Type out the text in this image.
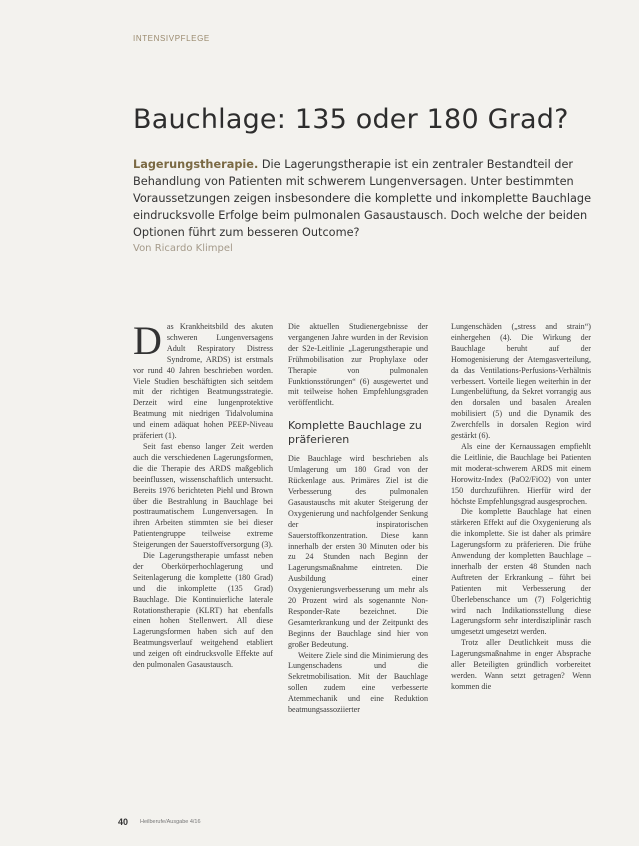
INTENSIVPFLEGE
Bauchlage: 135 oder 180 Grad?

Lagerungstherapie. Die Lagerungstherapie ist ein zentraler Bestandteil der Behandlung von Patienten mit schwerem Lungenversagen. Unter bestimmten Voraussetzungen zeigen insbesondere die komplette und inkomplette Bauchlage eindrucksvolle Erfolge beim pulmonalen Gasaustausch. Doch welche der beiden Optionen führt zum besseren Outcome?

Von Ricardo Klimpel

Das Krankheitsbild des akuten schweren Lungenversagens Adult Respiratory Distress Syndrome, ARDS) ist erstmals vor rund 40 Jahren beschrieben worden. Viele Studien beschäftigten sich seitdem mit der richtigen Beatmungsstrategie. Derzeit wird eine lungenprotektive Beatmung mit niedrigen Tidalvolumina und einem adäquat hohen PEEP-Niveau präferiert (1).

Seit fast ebenso langer Zeit werden auch die verschiedenen Lagerungsformen, die die Therapie des ARDS maßgeblich beeinflussen, wissenschaftlich untersucht. Bereits 1976 berichteten Piehl und Brown über die Bestrahlung in Bauchlage bei posttraumatischem Lungenversagen. In ihren Arbeiten stimmten sie bei dieser Patientengruppe teilweise extreme Steigerungen der Sauerstoffversorgung (3).

Die Lagerungstherapie umfasst neben der Oberkörperhochlagerung und Seitenlagerung die komplette (180 Grad) und die inkomplette (135 Grad) Bauchlage. Die Kontinuierliche laterale Rotationstherapie (KLRT) hat ebenfalls einen hohen Stellenwert. All diese Lagerungsformen haben sich auf den Beatmungsverlauf weitgehend etabliert und zeigen oft eindrucksvolle Effekte auf den pulmonalen Gasaustausch.

Die aktuellen Studienergebnisse der vergangenen Jahre wurden in der Revision der S2e-Leitlinie „Lagerungstherapie und Frühmobilisation zur Prophylaxe oder Therapie von pulmonalen Funktionsstörungen“ (6) ausgewertet und mit teilweise hohen Empfehlungsgraden veröffentlicht.

Komplette Bauchlage zu präferieren

Die Bauchlage wird beschrieben als Umlagerung um 180 Grad von der Rückenlage aus. Primäres Ziel ist die Verbesserung des pulmonalen Gasaustauschs mit akuter Steigerung der Oxygenierung und nachfolgender Senkung der inspiratorischen Sauerstoffkonzentration. Diese kann innerhalb der ersten 30 Minuten oder bis zu 24 Stunden nach Beginn der Lagerungsmaßnahme eintreten. Die Ausbildung einer Oxygenierungsverbesserung um mehr als 20 Prozent wird als sogenannte Non-Responder-Rate bezeichnet. Die Gesamterkrankung und der Zeitpunkt des Beginns der Bauchlage sind hier von großer Bedeutung.

Weitere Ziele sind die Minimierung des Lungenschadens und die Sekretmobilisation. Mit der Bauchlage sollen zudem eine verbesserte Atemmechanik und eine Reduktion beatmungsassoziierter

Lungenschäden („stress and strain“) einhergehen (4). Die Wirkung der Bauchlage beruht auf der Homogenisierung der Atemgasverteilung, da das Ventilations-Perfusions-Verhältnis verbessert. Vorteile liegen weiterhin in der Lungenbelüftung, da Sekret vorrangig aus den dorsalen und basalen Arealen mobilisiert (5) und die Dynamik des Zwerchfells in dorsalen Region wird gestärkt (6).

Als eine der Kernaussagen empfiehlt die Leitlinie, die Bauchlage bei Patienten mit moderat-schwerem ARDS mit einem Horowitz-Index (PaO2/FiO2) von unter 150 durchzuführen. Hierfür wird der höchste Empfehlungsgrad ausgesprochen.

Die komplette Bauchlage hat einen stärkeren Effekt auf die Oxygenierung als die inkomplette. Sie ist daher als primäre Lagerungsform zu präferieren. Die frühe Anwendung der kompletten Bauchlage – innerhalb der ersten 48 Stunden nach Auftreten der Erkrankung – führt bei Patienten mit Verbesserung der Überlebenschance um (7) Folgerichtig wird nach Indikationsstellung diese Lagerungsform sehr interdisziplinär rasch umgesetzt umgesetzt werden.

Trotz aller Deutlichkeit muss die Lagerungsmaßnahme in enger Absprache aller Beteiligten gründlich vorbereitet werden. Wann setzt getragen? Wenn kommen die

40 Heilberufe/Ausgabe 4/16
